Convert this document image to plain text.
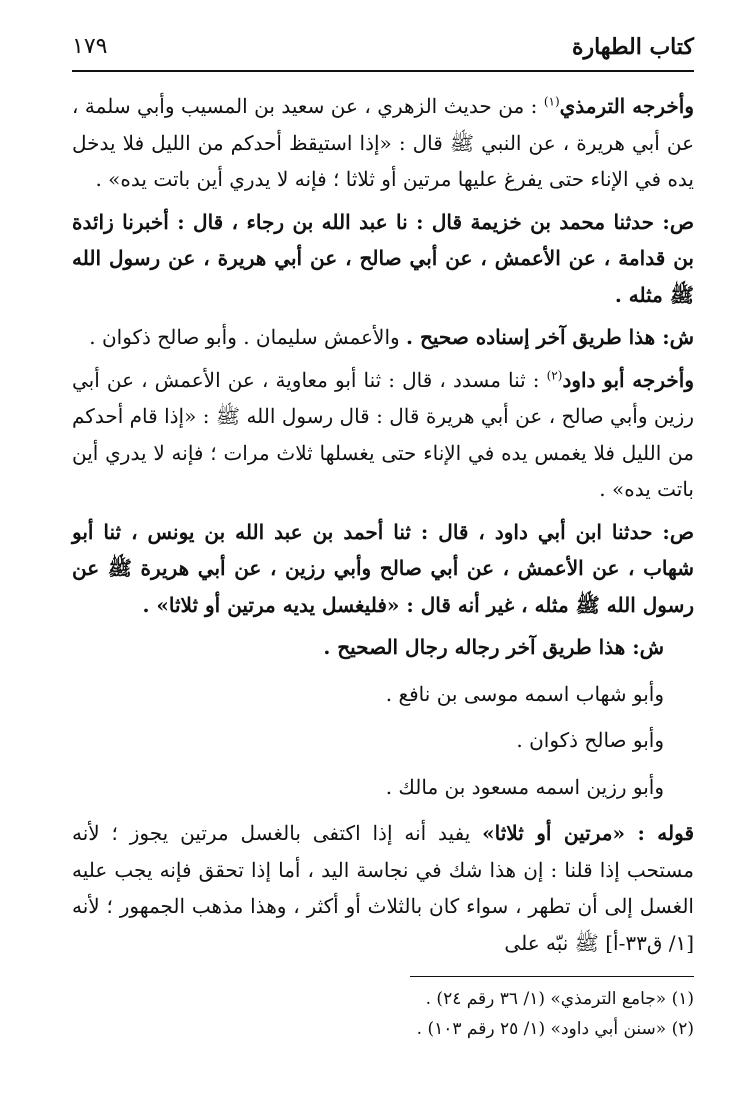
كتاب الطهارة
١٧٩

وأخرجه الترمذي$^{(١)}$ : من حديث الزهري ، عن سعيد بن المسيب وأبي سلمة ، عن أبي هريرة ، عن النبي ﷺ قال : «إذا استيقظ أحدكم من الليل فلا يدخل يده في الإناء حتى يفرغ عليها مرتين أو ثلاثا ؛ فإنه لا يدري أين باتت يده» .

ص: حدثنا محمد بن خزيمة قال : نا عبد الله بن رجاء ، قال : أخبرنا زائدة بن قدامة ، عن الأعمش ، عن أبي صالح ، عن أبي هريرة ، عن رسول الله ﷺ مثله .

ش: هذا طريق آخر إسناده صحيح . والأعمش سليمان . وأبو صالح ذكوان .

وأخرجه أبو داود$^{(٢)}$ : ثنا مسدد ، قال : ثنا أبو معاوية ، عن الأعمش ، عن أبي رزين وأبي صالح ، عن أبي هريرة قال : قال رسول الله ﷺ : «إذا قام أحدكم من الليل فلا يغمس يده في الإناء حتى يغسلها ثلاث مرات ؛ فإنه لا يدري أين باتت يده» .

ص: حدثنا ابن أبي داود ، قال : ثنا أحمد بن عبد الله بن يونس ، ثنا أبو شهاب ، عن الأعمش ، عن أبي صالح وأبي رزين ، عن أبي هريرة ﷺ عن رسول الله ﷺ مثله ، غير أنه قال : «فليغسل يديه مرتين أو ثلاثا» .

ش: هذا طريق آخر رجاله رجال الصحيح .

وأبو شهاب اسمه موسى بن نافع .

وأبو صالح ذكوان .

وأبو رزين اسمه مسعود بن مالك .

قوله : «مرتين أو ثلاثا» يفيد أنه إذا اكتفى بالغسل مرتين يجوز ؛ لأنه مستحب إذا قلنا : إن هذا شك في نجاسة اليد ، أما إذا تحقق فإنه يجب عليه الغسل إلى أن تطهر ، سواء كان بالثلاث أو أكثر ، وهذا مذهب الجمهور ؛ لأنه [١/ ق٣٣-أ] ﷺ نبّه على

(١) «جامع الترمذي» (١/ ٣٦ رقم ٢٤) .

(٢) «سنن أبي داود» (١/ ٢٥ رقم ١٠٣) .
